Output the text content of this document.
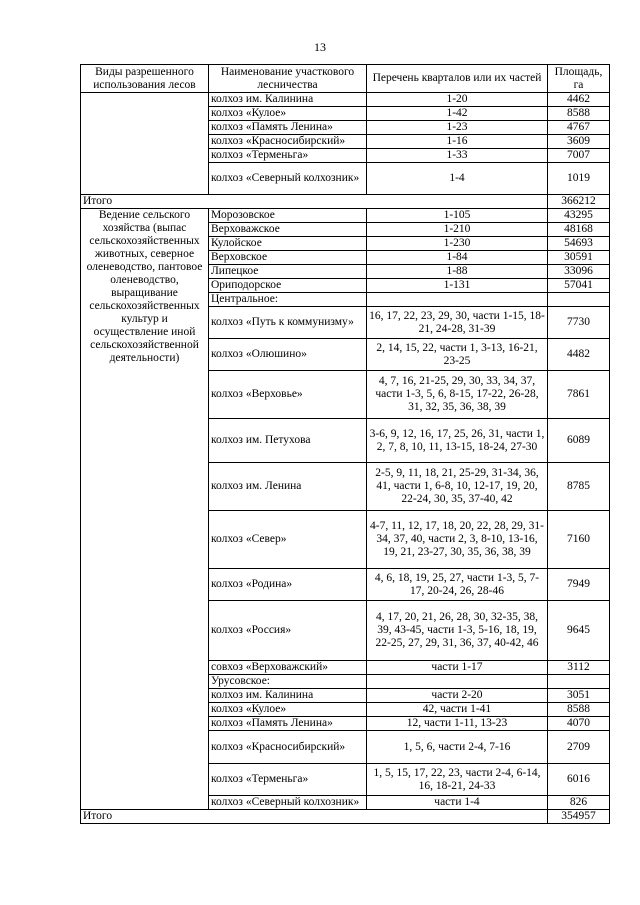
13
Виды разрешенного использования лесов	Наименование участкового лесничества	Перечень кварталов или их частей	Площадь, га
	колхоз им. Калинина	1-20	4462
	колхоз «Кулое»	1-42	8588
	колхоз «Память Ленина»	1-23	4767
	колхоз «Красносибирский»	1-16	3609
	колхоз «Терменьга»	1-33	7007
	колхоз «Северный колхозник»	1-4	1019
Итого			366212
Ведение сельского хозяйства (выпас сельскохозяйственных животных, северное оленеводство, пантовое оленеводство, выращивание сельскохозяйственных культур и осуществление иной сельскохозяйственной деятельности)	Морозовское	1-105	43295
	Верховажское	1-210	48168
	Кулойское	1-230	54693
	Верховское	1-84	30591
	Липецкое	1-88	33096
	Ориподорское	1-131	57041
	Центральное:		
	колхоз «Путь к коммунизму»	16, 17, 22, 23, 29, 30, части 1-15, 18-21, 24-28, 31-39	7730
	колхоз «Олюшино»	2, 14, 15, 22, части 1, 3-13, 16-21, 23-25	4482
	колхоз «Верховье»	4, 7, 16, 21-25, 29, 30, 33, 34, 37, части 1-3, 5, 6, 8-15, 17-22, 26-28, 31, 32, 35, 36, 38, 39	7861
	колхоз им. Петухова	3-6, 9, 12, 16, 17, 25, 26, 31, части 1, 2, 7, 8, 10, 11, 13-15, 18-24, 27-30	6089
	колхоз им. Ленина	2-5, 9, 11, 18, 21, 25-29, 31-34, 36, 41, части 1, 6-8, 10, 12-17, 19, 20, 22-24, 30, 35, 37-40, 42	8785
	колхоз «Север»	4-7, 11, 12, 17, 18, 20, 22, 28, 29, 31-34, 37, 40, части 2, 3, 8-10, 13-16, 19, 21, 23-27, 30, 35, 36, 38, 39	7160
	колхоз «Родина»	4, 6, 18, 19, 25, 27, части 1-3, 5, 7-17, 20-24, 26, 28-46	7949
	колхоз «Россия»	4, 17, 20, 21, 26, 28, 30, 32-35, 38, 39, 43-45, части 1-3, 5-16, 18, 19, 22-25, 27, 29, 31, 36, 37, 40-42, 46	9645
	совхоз «Верховажский»	части 1-17	3112
	Урусовское:		
	колхоз им. Калинина	части 2-20	3051
	колхоз «Кулое»	42, части 1-41	8588
	колхоз «Память Ленина»	12, части 1-11, 13-23	4070
	колхоз «Красносибирский»	1, 5, 6, части 2-4, 7-16	2709
	колхоз «Терменьга»	1, 5, 15, 17, 22, 23, части 2-4, 6-14, 16, 18-21, 24-33	6016
	колхоз «Северный колхозник»	части 1-4	826
Итого			354957
